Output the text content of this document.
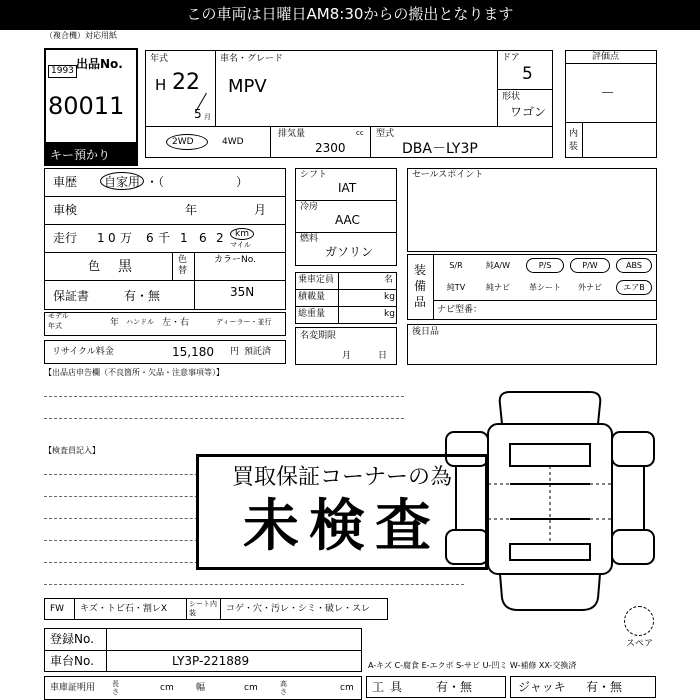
この車両は日曜日AM8:30からの搬出となります
（複合機）対応用紙
出品No.
1993
80011
キー預かり
年式
H 22
5 月
車名・グレード
MPV
ドア
5
形状
ワゴン
2WD	4WD
排気量	cc
2300
型式
DBA－LY3P
評価点
－
内装
車歴 自家用 ・（　　　　　　）
車検	年	月
走行 1 0 万 6 千 1 6 2 km
マイル
色 黒	色替
カラーNo.
35N
保証書	有・無
モデル
年式	年 ハンドル 左・右	ディーラー・並行
リサイクル料金	15,180 円 預託済
シフト
IAT
冷房
AAC
燃料
ガソリン
乗車定員	名
積載量	kg
総重量	kg
名変期限
月	日
セールスポイント
装備品
S/R	純A/W	P/S	P/W	ABS
純TV	純ナビ	革シート	外ナビ	エアB
ナビ型番：
後日品
【出品店申告欄（不良箇所・欠品・注意事項等）】
【検査員記入】
買取保証コーナーの為
未検査
スペア
FW キズ・トビ石・割レX	シート内装	コゲ・穴・汚レ・シミ・破レ・スレ
登録No.
車台No.	LY3P-221889
車庫証明用 長さ	cm 幅	cm	高さ	cm
A-キズ C-腐食 E-エクボ S-サビ U-凹ミ W-補修 XX-交換済
工具 有・無	ジャッキ 有・無
